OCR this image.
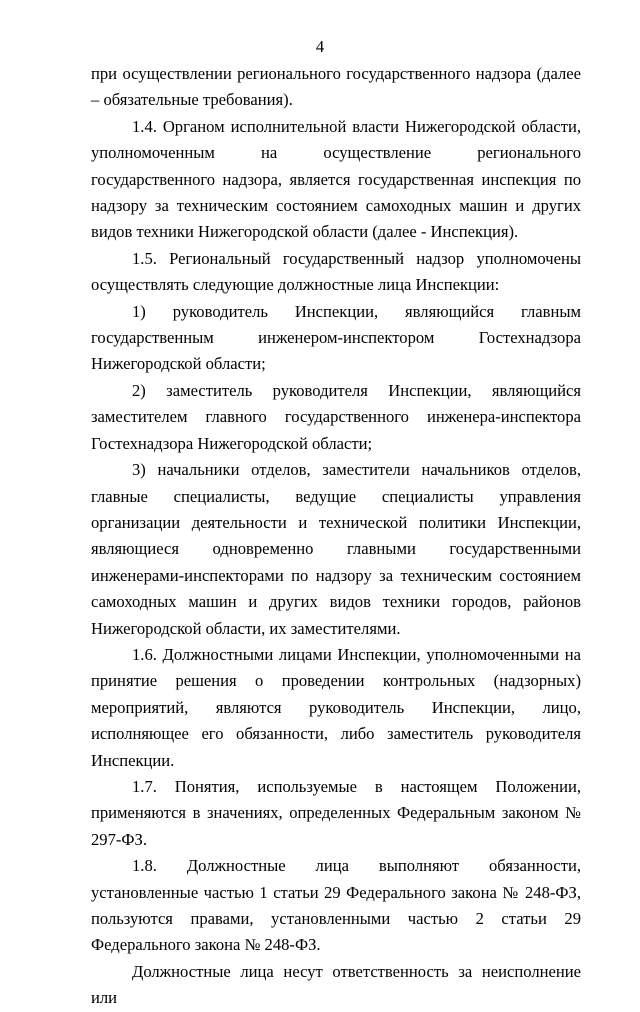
4

при осуществлении регионального государственного надзора (далее – обязательные требования).

1.4. Органом исполнительной власти Нижегородской области, уполномоченным на осуществление регионального государственного надзора, является государственная инспекция по надзору за техническим состоянием самоходных машин и других видов техники Нижегородской области (далее - Инспекция).

1.5. Региональный государственный надзор уполномочены осуществлять следующие должностные лица Инспекции:

1) руководитель Инспекции, являющийся главным государственным инженером-инспектором Гостехнадзора Нижегородской области;

2) заместитель руководителя Инспекции, являющийся заместителем главного государственного инженера-инспектора Гостехнадзора Нижегородской области;

3) начальники отделов, заместители начальников отделов, главные специалисты, ведущие специалисты управления организации деятельности и технической политики Инспекции, являющиеся одновременно главными государственными инженерами-инспекторами по надзору за техническим состоянием самоходных машин и других видов техники городов, районов Нижегородской области, их заместителями.

1.6. Должностными лицами Инспекции, уполномоченными на принятие решения о проведении контрольных (надзорных) мероприятий, являются руководитель Инспекции, лицо, исполняющее его обязанности, либо заместитель руководителя Инспекции.

1.7. Понятия, используемые в настоящем Положении, применяются в значениях, определенных Федеральным законом № 297-ФЗ.

1.8. Должностные лица выполняют обязанности, установленные частью 1 статьи 29 Федерального закона № 248-ФЗ, пользуются правами, установленными частью 2 статьи 29 Федерального закона № 248-ФЗ.

Должностные лица несут ответственность за неисполнение или
